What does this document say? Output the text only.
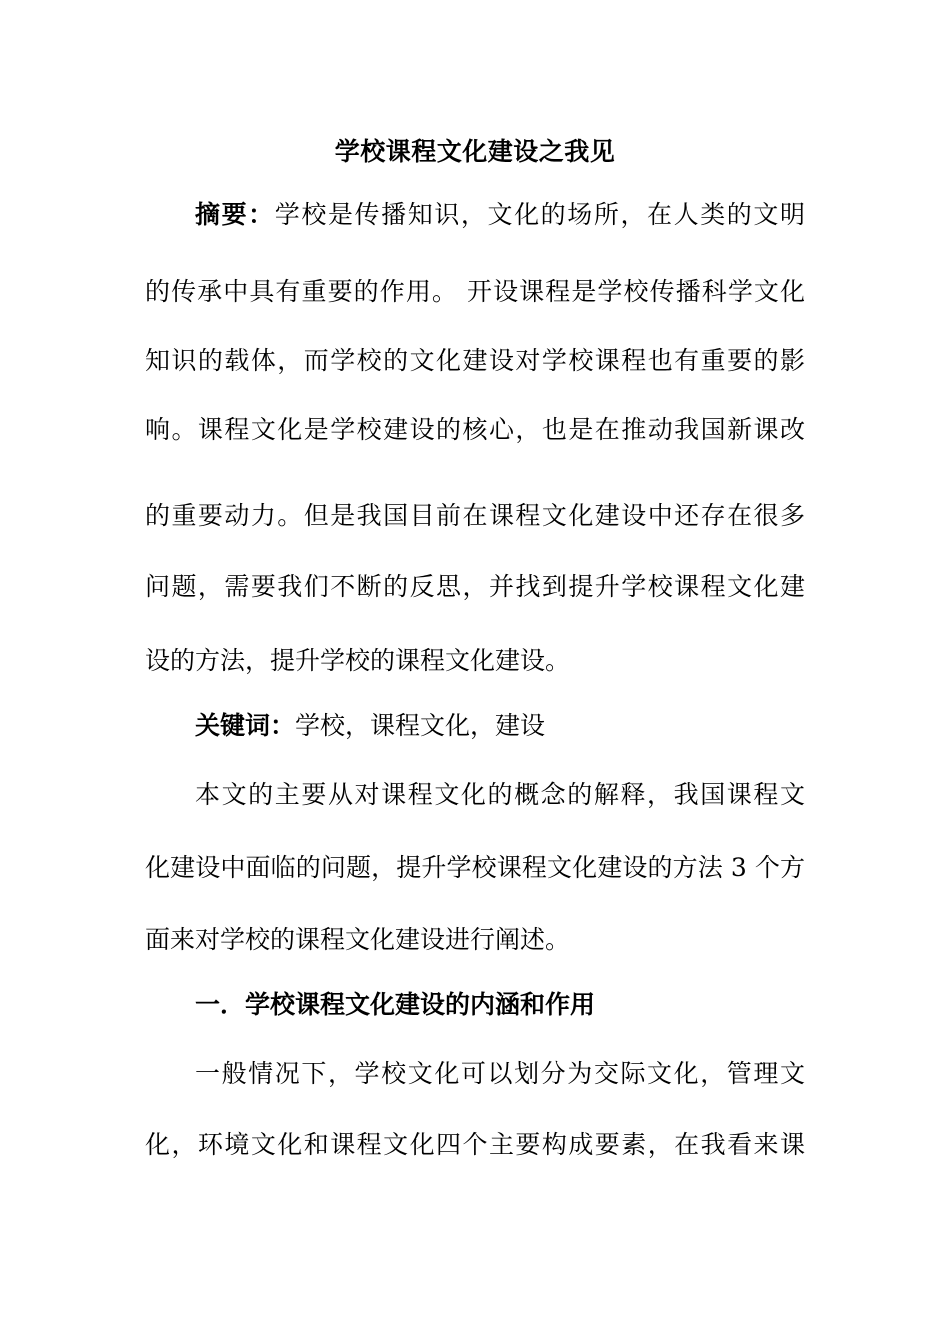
学校课程文化建设之我见
摘要：学校是传播知识，文化的场所，在人类的文明
的传承中具有重要的作用。 开设课程是学校传播科学文化
知识的载体，而学校的文化建设对学校课程也有重要的影
响。课程文化是学校建设的核心，也是在推动我国新课改
的重要动力。但是我国目前在课程文化建设中还存在很多
问题，需要我们不断的反思，并找到提升学校课程文化建
设的方法，提升学校的课程文化建设。
关键词：学校，课程文化，建设
本文的主要从对课程文化的概念的解释，我国课程文
化建设中面临的问题，提升学校课程文化建设的方法 3 个方
面来对学校的课程文化建设进行阐述。
一．学校课程文化建设的内涵和作用
一般情况下，学校文化可以划分为交际文化，管理文
化，环境文化和课程文化四个主要构成要素，在我看来课
